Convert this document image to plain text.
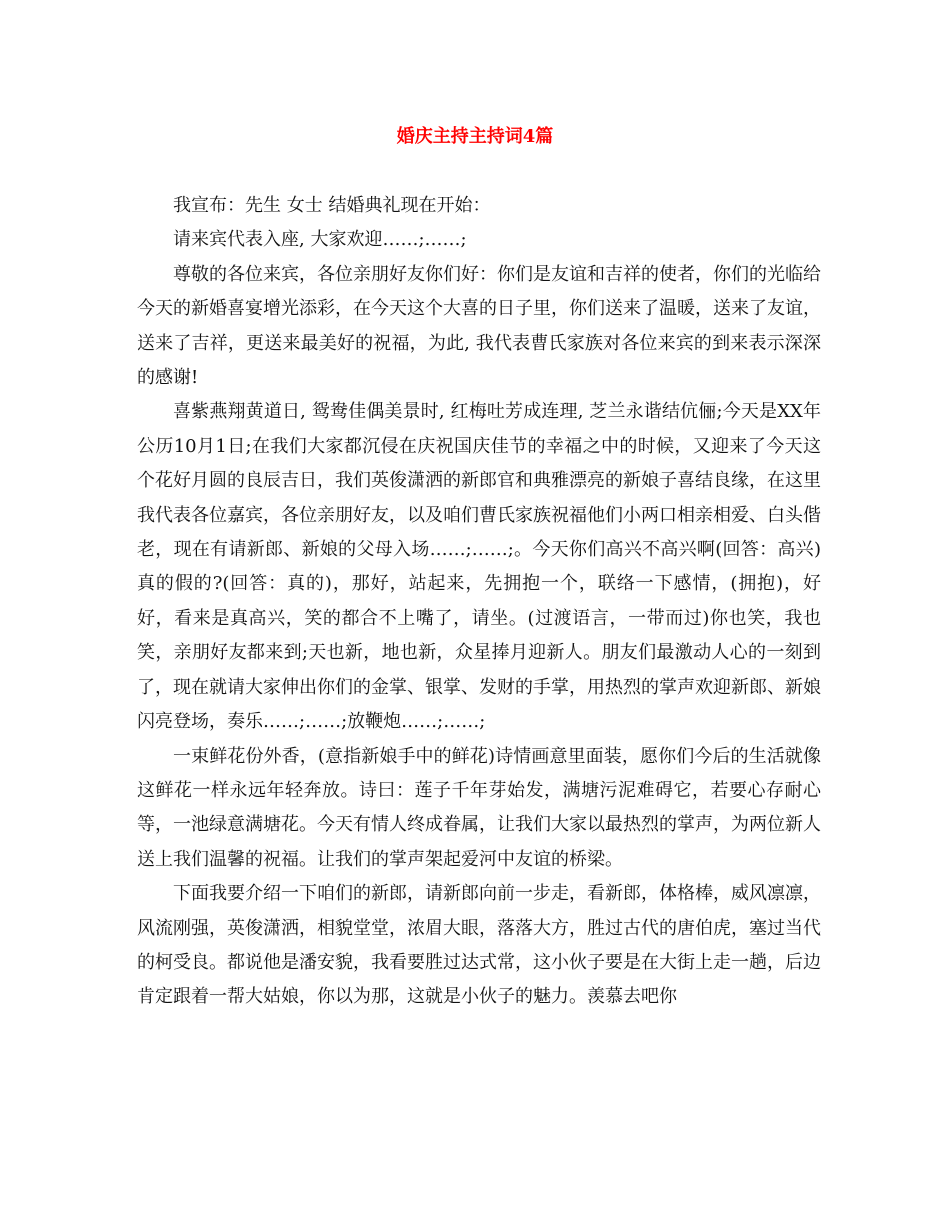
婚庆主持主持词4篇

我宣布：先生 女士 结婚典礼现在开始：

请来宾代表入座, 大家欢迎……;……;

尊敬的各位来宾，各位亲朋好友你们好：你们是友谊和吉祥的使者，你们的光临给今天的新婚喜宴增光添彩，在今天这个大喜的日子里，你们送来了温暖，送来了友谊，送来了吉祥，更送来最美好的祝福，为此, 我代表曹氏家族对各位来宾的到来表示深深的感谢!

喜紫燕翔黄道日, 鸳鸯佳偶美景时, 红梅吐芳成连理, 芝兰永谐结伉俪;今天是XX年公历10月1日;在我们大家都沉侵在庆祝国庆佳节的幸福之中的时候，又迎来了今天这个花好月圆的良辰吉日，我们英俊潇洒的新郎官和典雅漂亮的新娘子喜结良缘，在这里我代表各位嘉宾，各位亲朋好友，以及咱们曹氏家族祝福他们小两口相亲相爱、白头偕老，现在有请新郎、新娘的父母入场……;……;。今天你们高兴不高兴啊(回答：高兴)真的假的?(回答：真的)，那好，站起来，先拥抱一个，联络一下感情，(拥抱)，好好，看来是真高兴，笑的都合不上嘴了，请坐。(过渡语言，一带而过)你也笑，我也笑，亲朋好友都来到;天也新，地也新，众星捧月迎新人。朋友们最激动人心的一刻到了，现在就请大家伸出你们的金掌、银掌、发财的手掌，用热烈的掌声欢迎新郎、新娘闪亮登场，奏乐……;……;放鞭炮……;……;

一束鲜花份外香，(意指新娘手中的鲜花)诗情画意里面装，愿你们今后的生活就像这鲜花一样永远年轻奔放。诗曰：莲子千年芽始发，满塘污泥难碍它，若要心存耐心等，一池绿意满塘花。今天有情人终成眷属，让我们大家以最热烈的掌声，为两位新人送上我们温馨的祝福。让我们的掌声架起爱河中友谊的桥梁。

下面我要介绍一下咱们的新郎，请新郎向前一步走，看新郎，体格棒，威风凛凛，风流刚强，英俊潇洒，相貌堂堂，浓眉大眼，落落大方，胜过古代的唐伯虎，塞过当代的柯受良。都说他是潘安貌，我看要胜过达式常，这小伙子要是在大街上走一趟，后边肯定跟着一帮大姑娘，你以为那，这就是小伙子的魅力。羡慕去吧你
